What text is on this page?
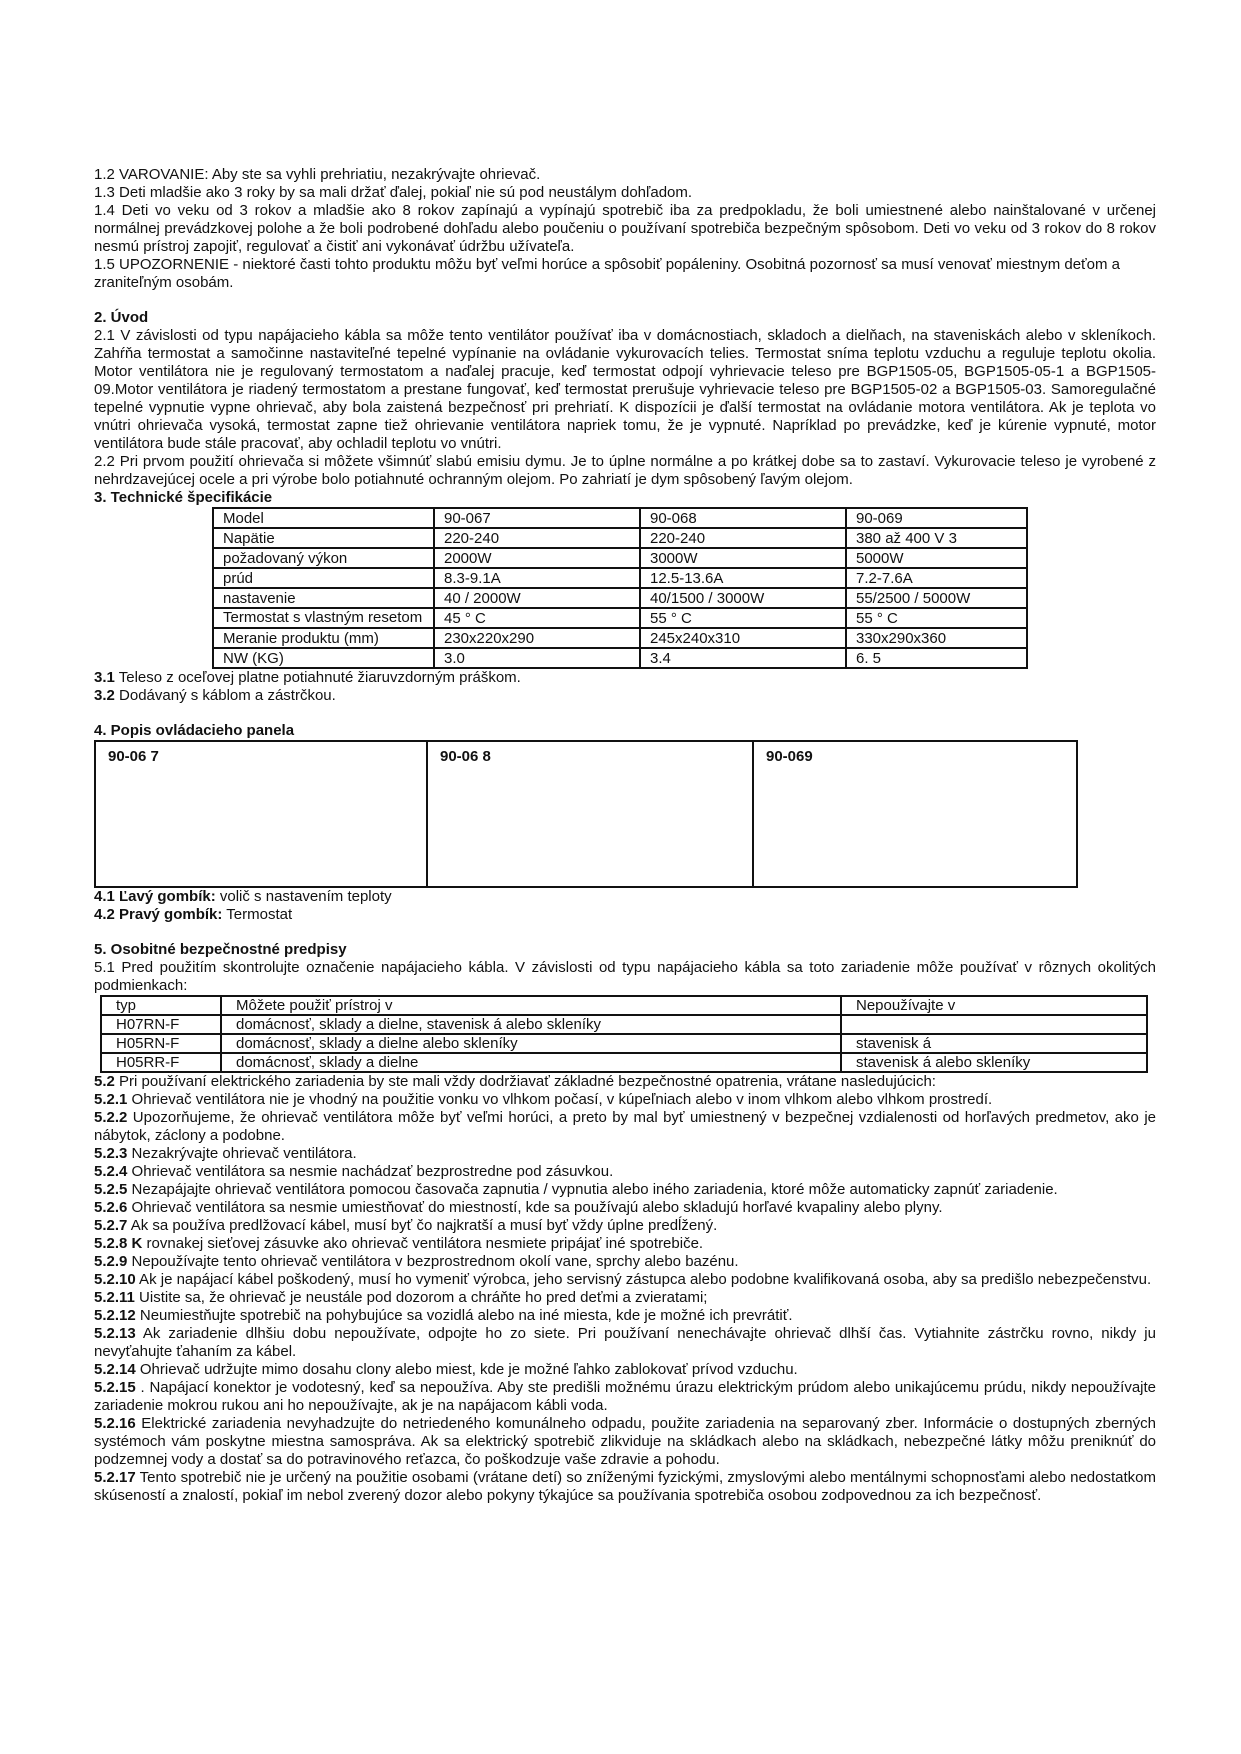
1.2 VAROVANIE: Aby ste sa vyhli prehriatiu, nezakrývajte ohrievač.

1.3 Deti mladšie ako 3 roky by sa mali držať ďalej, pokiaľ nie sú pod neustálym dohľadom.

1.4 Deti vo veku od 3 rokov a mladšie ako 8 rokov zapínajú a vypínajú spotrebič iba za predpokladu, že boli umiestnené alebo nainštalované v určenej normálnej prevádzkovej polohe a že boli podrobené dohľadu alebo poučeniu o používaní spotrebiča bezpečným spôsobom. Deti vo veku od 3 rokov do 8 rokov nesmú prístroj zapojiť, regulovať a čistiť ani vykonávať údržbu užívateľa.

1.5 UPOZORNENIE - niektoré časti tohto produktu môžu byť veľmi horúce a spôsobiť popáleniny. Osobitná pozornosť sa musí venovať miestnym deťom a zraniteľným osobám.

2. Úvod

2.1 V závislosti od typu napájacieho kábla sa môže tento ventilátor používať iba v domácnostiach, skladoch a dielňach, na staveniskách alebo v skleníkoch. Zahŕňa termostat a samočinne nastaviteľné tepelné vypínanie na ovládanie vykurovacích telies. Termostat sníma teplotu vzduchu a reguluje teplotu okolia. Motor ventilátora nie je regulovaný termostatom a naďalej pracuje, keď termostat odpojí vyhrievacie teleso pre BGP1505-05, BGP1505-05-1 a BGP1505-09.Motor ventilátora je riadený termostatom a prestane fungovať, keď termostat prerušuje vyhrievacie teleso pre BGP1505-02 a BGP1505-03. Samoregulačné tepelné vypnutie vypne ohrievač, aby bola zaistená bezpečnosť pri prehriatí. K dispozícii je ďalší termostat na ovládanie motora ventilátora. Ak je teplota vo vnútri ohrievača vysoká, termostat zapne tiež ohrievanie ventilátora napriek tomu, že je vypnuté. Napríklad po prevádzke, keď je kúrenie vypnuté, motor ventilátora bude stále pracovať, aby ochladil teplotu vo vnútri.

2.2 Pri prvom použití ohrievača si môžete všimnúť slabú emisiu dymu. Je to úplne normálne a po krátkej dobe sa to zastaví. Vykurovacie teleso je vyrobené z nehrdzavejúcej ocele a pri výrobe bolo potiahnuté ochranným olejom. Po zahriatí je dym spôsobený ľavým olejom.

3. Technické špecifikácie

Model	90-067	90-068	90-069
Napätie	220-240	220-240	380 až 400 V 3
požadovaný výkon	2000W	3000W	5000W
prúd	8.3-9.1A	12.5-13.6A	7.2-7.6A
nastavenie	40 / 2000W	40/1500 / 3000W	55/2500 / 5000W
Termostat s vlastným resetom	45 ° C	55 ° C	55 ° C
Meranie produktu (mm)	230x220x290	245x240x310	330x290x360
NW (KG)	3.0	3.4	6. 5

3.1 Teleso z oceľovej platne potiahnuté žiaruvzdorným práškom.

3.2 Dodávaný s káblom a zástrčkou.

4. Popis ovládacieho panela

90-06 7	90-06 8	90-069

4.1 Ľavý gombík: volič s nastavením teploty

4.2 Pravý gombík: Termostat

5. Osobitné bezpečnostné predpisy

5.1 Pred použitím skontrolujte označenie napájacieho kábla. V závislosti od typu napájacieho kábla sa toto zariadenie môže používať v rôznych okolitých podmienkach:

typ	Môžete použiť prístroj v	Nepoužívajte v
H07RN-F	domácnosť, sklady a dielne, stavenisk á alebo skleníky	
H05RN-F	domácnosť, sklady a dielne alebo skleníky	stavenisk á
H05RR-F	domácnosť, sklady a dielne	stavenisk á alebo skleníky

5.2 Pri používaní elektrického zariadenia by ste mali vždy dodržiavať základné bezpečnostné opatrenia, vrátane nasledujúcich:

5.2.1 Ohrievač ventilátora nie je vhodný na použitie vonku vo vlhkom počasí, v kúpeľniach alebo v inom vlhkom alebo vlhkom prostredí.

5.2.2 Upozorňujeme, že ohrievač ventilátora môže byť veľmi horúci, a preto by mal byť umiestnený v bezpečnej vzdialenosti od horľavých predmetov, ako je nábytok, záclony a podobne.

5.2.3 Nezakrývajte ohrievač ventilátora.

5.2.4 Ohrievač ventilátora sa nesmie nachádzať bezprostredne pod zásuvkou.

5.2.5 Nezapájajte ohrievač ventilátora pomocou časovača zapnutia / vypnutia alebo iného zariadenia, ktoré môže automaticky zapnúť zariadenie.

5.2.6 Ohrievač ventilátora sa nesmie umiestňovať do miestností, kde sa používajú alebo skladujú horľavé kvapaliny alebo plyny.

5.2.7 Ak sa používa predlžovací kábel, musí byť čo najkratší a musí byť vždy úplne predĺžený.

5.2.8 K rovnakej sieťovej zásuvke ako ohrievač ventilátora nesmiete pripájať iné spotrebiče.

5.2.9 Nepoužívajte tento ohrievač ventilátora v bezprostrednom okolí vane, sprchy alebo bazénu.

5.2.10 Ak je napájací kábel poškodený, musí ho vymeniť výrobca, jeho servisný zástupca alebo podobne kvalifikovaná osoba, aby sa predišlo nebezpečenstvu.

5.2.11 Uistite sa, že ohrievač je neustále pod dozorom a chráňte ho pred deťmi a zvieratami;

5.2.12 Neumiestňujte spotrebič na pohybujúce sa vozidlá alebo na iné miesta, kde je možné ich prevrátiť.

5.2.13 Ak zariadenie dlhšiu dobu nepoužívate, odpojte ho zo siete. Pri používaní nenechávajte ohrievač dlhší čas. Vytiahnite zástrčku rovno, nikdy ju nevyťahujte ťahaním za kábel.

5.2.14 Ohrievač udržujte mimo dosahu clony alebo miest, kde je možné ľahko zablokovať prívod vzduchu.

5.2.15 . Napájací konektor je vodotesný, keď sa nepoužíva. Aby ste predišli možnému úrazu elektrickým prúdom alebo unikajúcemu prúdu, nikdy nepoužívajte zariadenie mokrou rukou ani ho nepoužívajte, ak je na napájacom kábli voda.

5.2.16 Elektrické zariadenia nevyhadzujte do netriedeného komunálneho odpadu, použite zariadenia na separovaný zber. Informácie o dostupných zberných systémoch vám poskytne miestna samospráva. Ak sa elektrický spotrebič zlikviduje na skládkach alebo na skládkach, nebezpečné látky môžu preniknúť do podzemnej vody a dostať sa do potravinového reťazca, čo poškodzuje vaše zdravie a pohodu.

5.2.17 Tento spotrebič nie je určený na použitie osobami (vrátane detí) so zníženými fyzickými, zmyslovými alebo mentálnymi schopnosťami alebo nedostatkom skúseností a znalostí, pokiaľ im nebol zverený dozor alebo pokyny týkajúce sa používania spotrebiča osobou zodpovednou za ich bezpečnosť.
